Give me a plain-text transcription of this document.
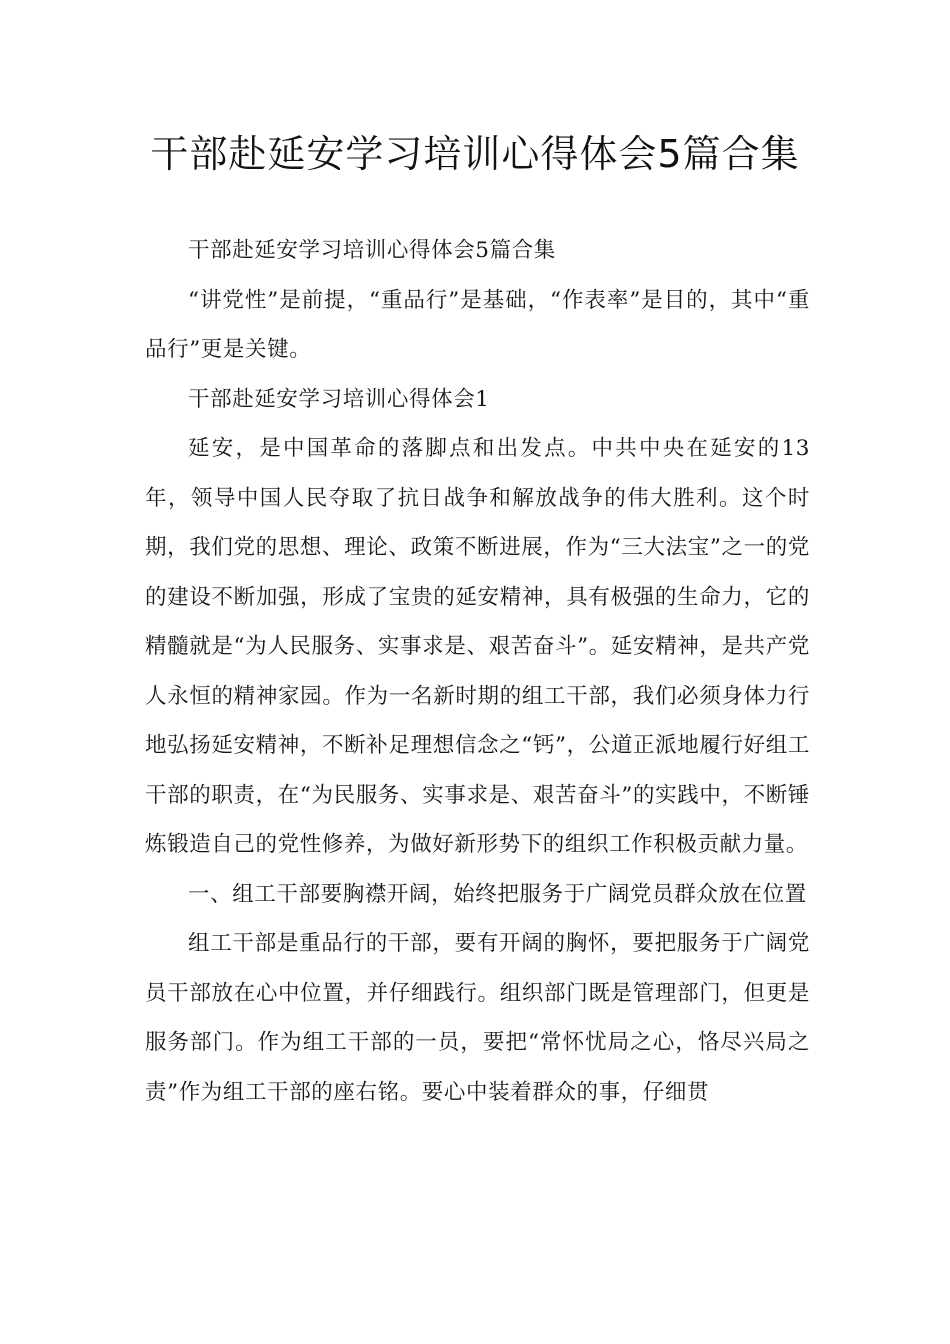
干部赴延安学习培训心得体会5篇合集

干部赴延安学习培训心得体会5篇合集

“讲党性”是前提，“重品行”是基础，“作表率”是目的，其中“重品行”更是关键。

干部赴延安学习培训心得体会1

延安，是中国革命的落脚点和出发点。中共中央在延安的13年，领导中国人民夺取了抗日战争和解放战争的伟大胜利。这个时期，我们党的思想、理论、政策不断进展，作为“三大法宝”之一的党的建设不断加强，形成了宝贵的延安精神，具有极强的生命力，它的精髓就是“为人民服务、实事求是、艰苦奋斗”。延安精神，是共产党人永恒的精神家园。作为一名新时期的组工干部，我们必须身体力行地弘扬延安精神，不断补足理想信念之“钙”，公道正派地履行好组工干部的职责，在“为民服务、实事求是、艰苦奋斗”的实践中，不断锤炼锻造自己的党性修养，为做好新形势下的组织工作积极贡献力量。

一、组工干部要胸襟开阔，始终把服务于广阔党员群众放在位置

组工干部是重品行的干部，要有开阔的胸怀，要把服务于广阔党员干部放在心中位置，并仔细践行。组织部门既是管理部门，但更是服务部门。作为组工干部的一员，要把“常怀忧局之心，恪尽兴局之责”作为组工干部的座右铭。要心中装着群众的事，仔细贯
